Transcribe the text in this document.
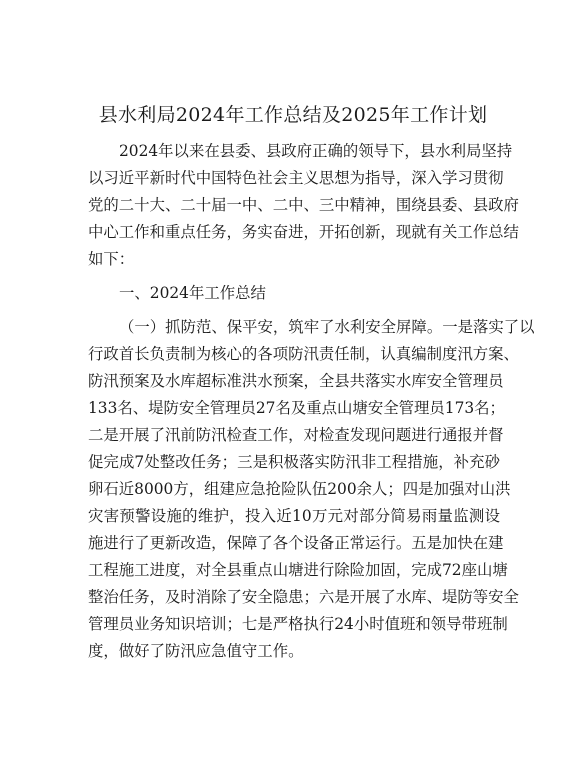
县水利局2024年工作总结及2025年工作计划
2024年以来在县委、县政府正确的领导下，县水利局坚持
以习近平新时代中国特色社会主义思想为指导，深入学习贯彻
党的二十大、二十届一中、二中、三中精神，围绕县委、县政府
中心工作和重点任务，务实奋进，开拓创新，现就有关工作总结
如下：
一、2024年工作总结
（一）抓防范、保平安，筑牢了水利安全屏障。一是落实了以
行政首长负责制为核心的各项防汛责任制，认真编制度汛方案、
防汛预案及水库超标准洪水预案，全县共落实水库安全管理员
133名、堤防安全管理员27名及重点山塘安全管理员173名；
二是开展了汛前防汛检查工作，对检查发现问题进行通报并督
促完成7处整改任务；三是积极落实防汛非工程措施，补充砂
卵石近8000方，组建应急抢险队伍200余人；四是加强对山洪
灾害预警设施的维护，投入近10万元对部分简易雨量监测设
施进行了更新改造，保障了各个设备正常运行。五是加快在建
工程施工进度，对全县重点山塘进行除险加固，完成72座山塘
整治任务，及时消除了安全隐患；六是开展了水库、堤防等安全
管理员业务知识培训；七是严格执行24小时值班和领导带班制
度，做好了防汛应急值守工作。
